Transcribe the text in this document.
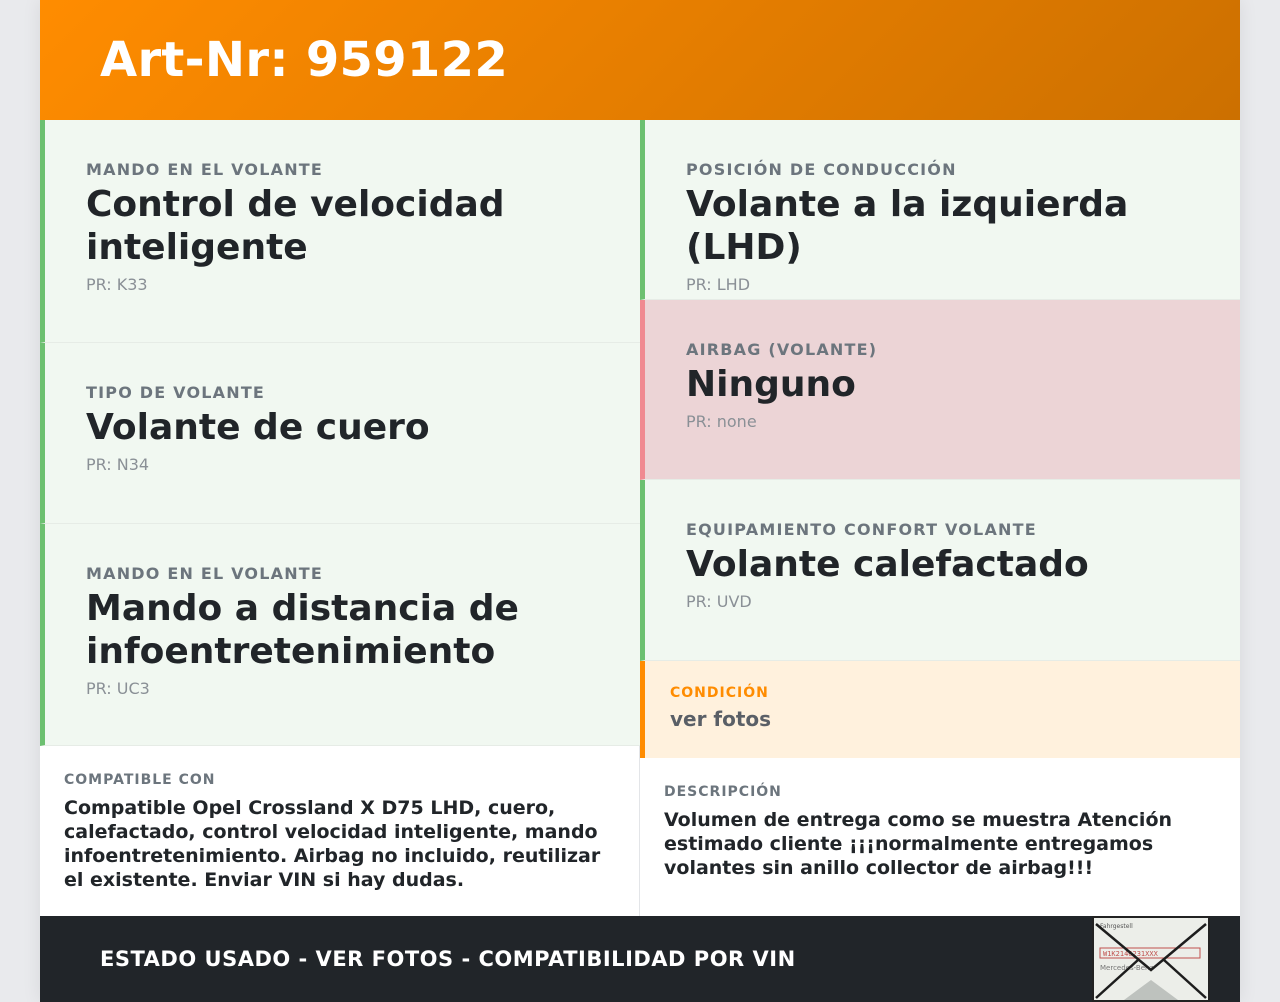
Art-Nr: 959122
MANDO EN EL VOLANTE
Control de velocidad inteligente
PR: K33
TIPO DE VOLANTE
Volante de cuero
PR: N34
MANDO EN EL VOLANTE
Mando a distancia de infoentretenimiento
PR: UC3
POSICIÓN DE CONDUCCIÓN
Volante a la izquierda (LHD)
PR: LHD
AIRBAG (VOLANTE)
Ninguno
PR: none
EQUIPAMIENTO CONFORT VOLANTE
Volante calefactado
PR: UVD
CONDICIÓN
ver fotos
COMPATIBLE CON
Compatible Opel Crossland X D75 LHD, cuero, calefactado, control velocidad inteligente, mando infoentretenimiento. Airbag no incluido, reutilizar el existente. Enviar VIN si hay dudas.
DESCRIPCIÓN
Volumen de entrega como se muestra Atención estimado cliente ¡¡¡normalmente entregamos volantes sin anillo collector de airbag!!!
ESTADO USADO - VER FOTOS - COMPATIBILIDAD POR VIN
Fahrgestell
W1K2146231XXX
Mercedes-Benz
